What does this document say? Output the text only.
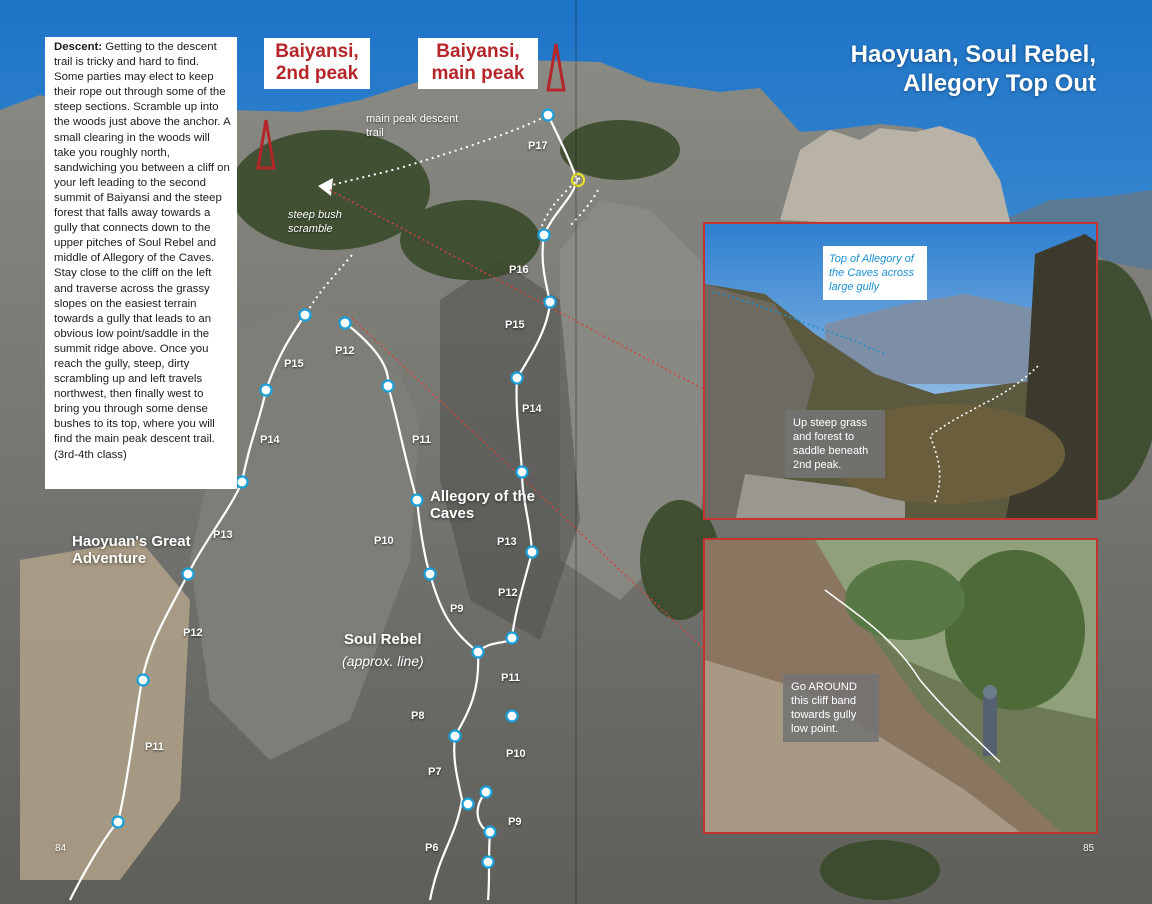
Descent: Getting to the descent trail is tricky and hard to find. Some parties may elect to keep their rope out through some of the steep sections. Scramble up into the woods just above the anchor. A small clearing in the woods will take you roughly north, sandwiching you between a cliff on your left leading to the second summit of Baiyansi and the steep forest that falls away towards a gully that connects down to the upper pitches of Soul Rebel and middle of Allegory of the Caves. Stay close to the cliff on the left and traverse across the grassy slopes on the easiest terrain towards a gully that leads to an obvious low point/saddle in the summit ridge above. Once you reach the gully, steep, dirty scrambling up and left travels northwest, then finally west to bring you through some dense bushes to its top, where you will find the main peak descent trail. (3rd-4th class)
Baiyansi, 2nd peak
Baiyansi, main peak
Haoyuan, Soul Rebel, Allegory Top Out
main peak descent trail
steep bush scramble
Haoyuan's Great Adventure
Allegory of the Caves
Soul Rebel
(approx. line)
P11
P12
P13
P14
P15
P9
P10
P11
P12
P6
P7
P8
P9
P10
P11
P12
P13
P14
P15
P16
P17
84	85
Top of Allegory of the Caves across large gully
Up steep grass and forest to saddle beneath 2nd peak.
Go AROUND this cliff band towards gully low point.
